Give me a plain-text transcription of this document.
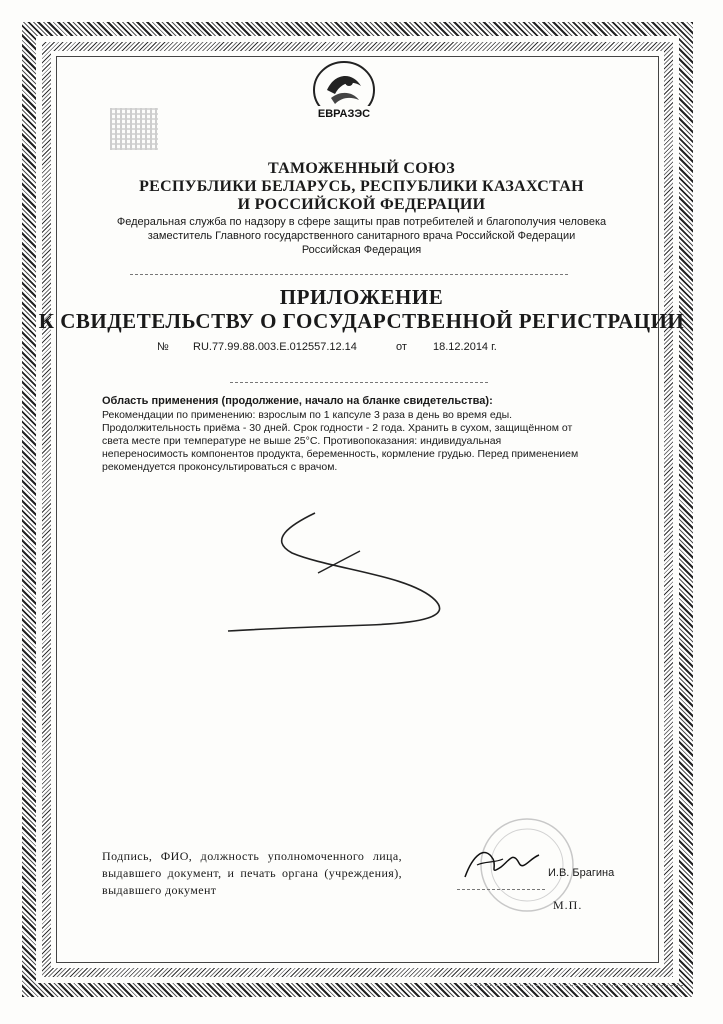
ЕВРАЗЭС
ТАМОЖЕННЫЙ СОЮЗ
РЕСПУБЛИКИ БЕЛАРУСЬ, РЕСПУБЛИКИ КАЗАХСТАН
И РОССИЙСКОЙ ФЕДЕРАЦИИ
Федеральная служба по надзору в сфере защиты прав потребителей и благополучия человека
заместитель Главного государственного санитарного врача Российской Федерации
Российская Федерация
ПРИЛОЖЕНИЕ
К СВИДЕТЕЛЬСТВУ О ГОСУДАРСТВЕННОЙ РЕГИСТРАЦИИ
№ RU.77.99.88.003.E.012557.12.14	от 18.12.2014 г.
Область применения (продолжение, начало на бланке свидетельства):
Рекомендации по применению: взрослым по 1 капсуле 3 раза в день во время еды.
Продолжительность приёма - 30 дней. Срок годности - 2 года. Хранить в сухом, защищённом от
света месте при температуре не выше 25°С. Противопоказания: индивидуальная
непереносимость компонентов продукта, беременность, кормление грудью. Перед применением
рекомендуется проконсультироваться с врачом.
Подпись, ФИО, должность уполномоченного лица, выдавшего документ, и печать органа (учреждения), выдавшего документ
И.В. Брагина
М.П.
